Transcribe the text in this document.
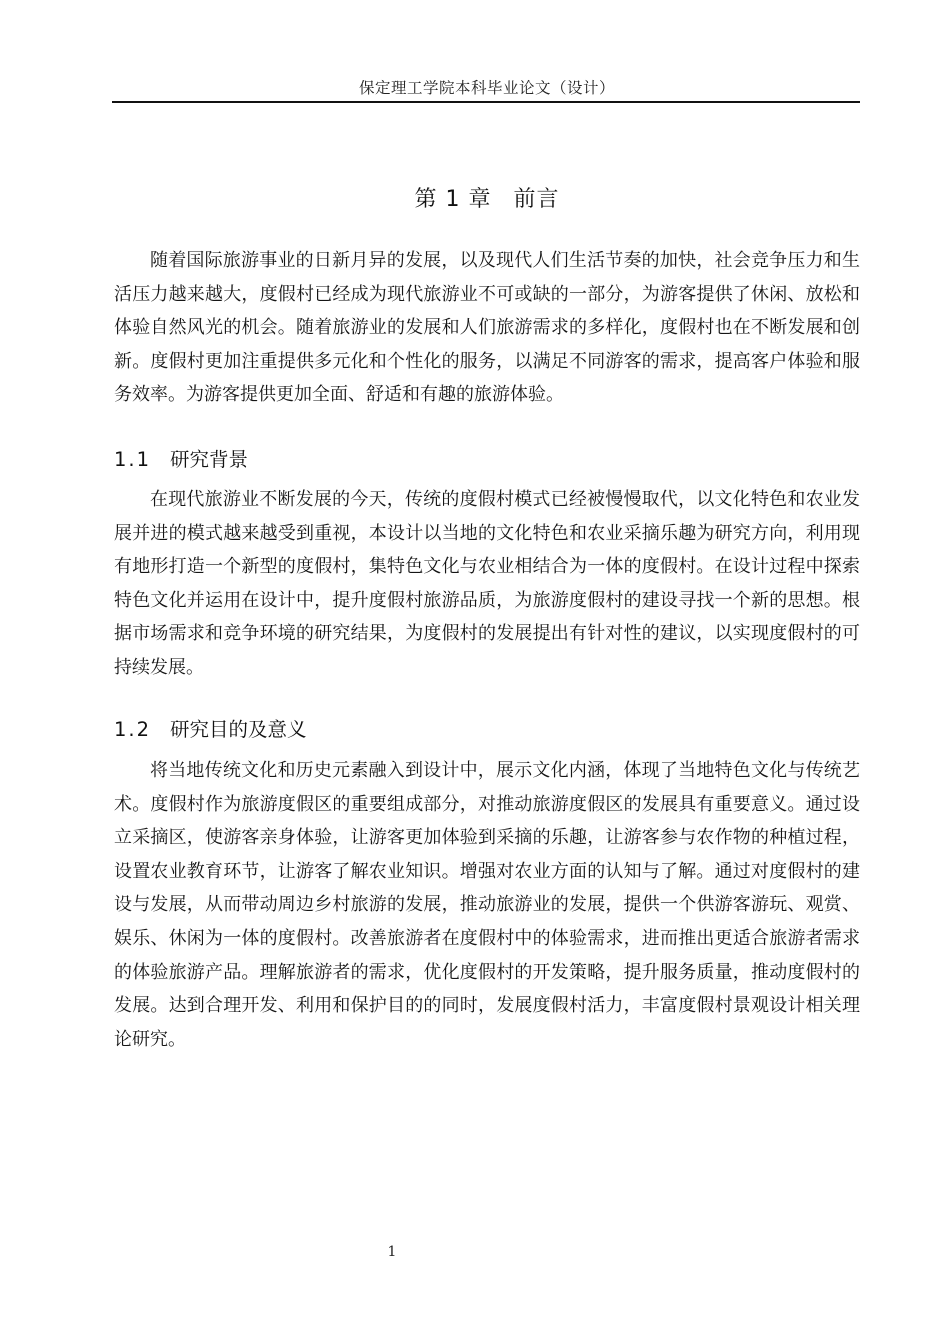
保定理工学院本科毕业论文（设计）
第 1 章 前言

随着国际旅游事业的日新月异的发展，以及现代人们生活节奏的加快，社会竞争压力和生活压力越来越大，度假村已经成为现代旅游业不可或缺的一部分，为游客提供了休闲、放松和体验自然风光的机会。随着旅游业的发展和人们旅游需求的多样化，度假村也在不断发展和创新。度假村更加注重提供多元化和个性化的服务，以满足不同游客的需求，提高客户体验和服务效率。为游客提供更加全面、舒适和有趣的旅游体验。

1.1 研究背景

在现代旅游业不断发展的今天，传统的度假村模式已经被慢慢取代，以文化特色和农业发展并进的模式越来越受到重视，本设计以当地的文化特色和农业采摘乐趣为研究方向，利用现有地形打造一个新型的度假村，集特色文化与农业相结合为一体的度假村。在设计过程中探索特色文化并运用在设计中，提升度假村旅游品质，为旅游度假村的建设寻找一个新的思想。根据市场需求和竞争环境的研究结果，为度假村的发展提出有针对性的建议，以实现度假村的可持续发展。

1.2 研究目的及意义

将当地传统文化和历史元素融入到设计中，展示文化内涵，体现了当地特色文化与传统艺术。度假村作为旅游度假区的重要组成部分，对推动旅游度假区的发展具有重要意义。通过设立采摘区，使游客亲身体验，让游客更加体验到采摘的乐趣，让游客参与农作物的种植过程，设置农业教育环节，让游客了解农业知识。增强对农业方面的认知与了解。通过对度假村的建设与发展，从而带动周边乡村旅游的发展，推动旅游业的发展，提供一个供游客游玩、观赏、娱乐、休闲为一体的度假村。改善旅游者在度假村中的体验需求，进而推出更适合旅游者需求的体验旅游产品。理解旅游者的需求，优化度假村的开发策略，提升服务质量，推动度假村的发展。达到合理开发、利用和保护目的的同时，发展度假村活力，丰富度假村景观设计相关理论研究。

1
